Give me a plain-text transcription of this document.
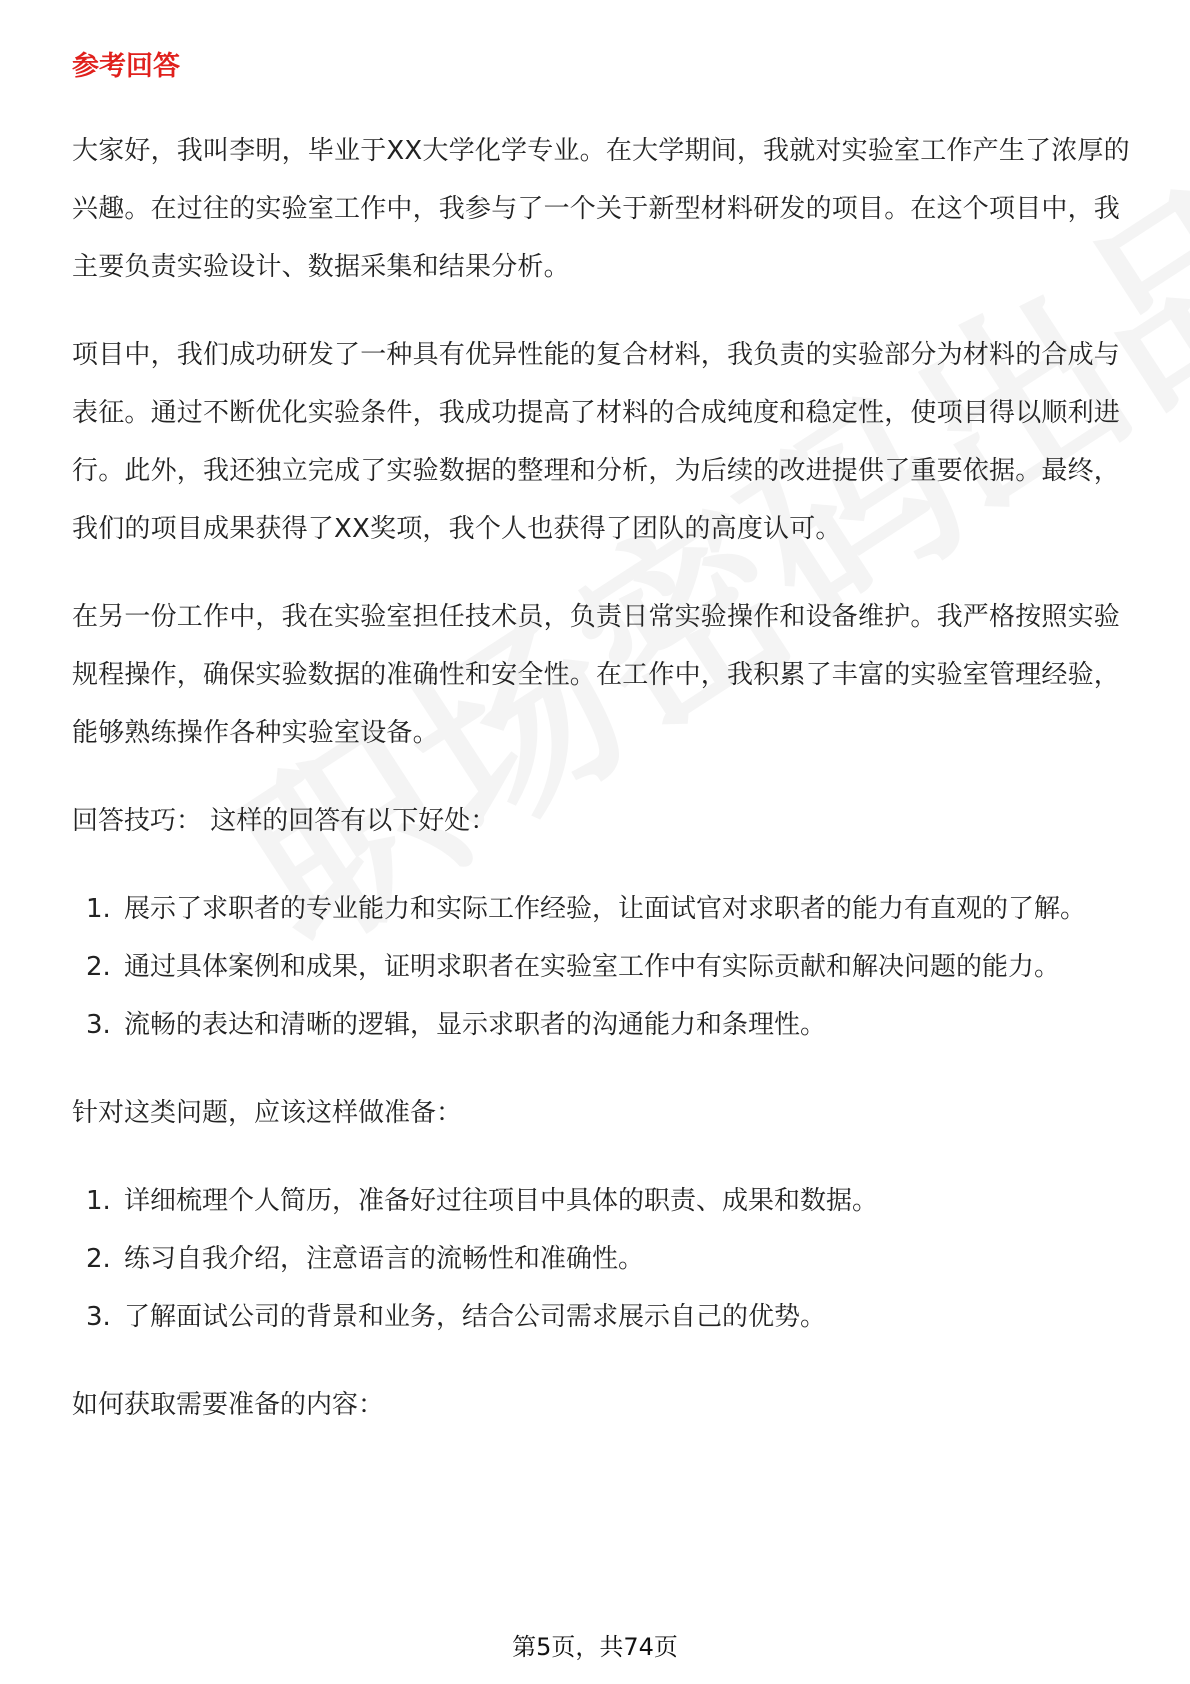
参考回答

大家好，我叫李明，毕业于XX大学化学专业。在大学期间，我就对实验室工作产生了浓厚的兴趣。在过往的实验室工作中，我参与了一个关于新型材料研发的项目。在这个项目中，我主要负责实验设计、数据采集和结果分析。

项目中，我们成功研发了一种具有优异性能的复合材料，我负责的实验部分为材料的合成与表征。通过不断优化实验条件，我成功提高了材料的合成纯度和稳定性，使项目得以顺利进行。此外，我还独立完成了实验数据的整理和分析，为后续的改进提供了重要依据。最终，我们的项目成果获得了XX奖项，我个人也获得了团队的高度认可。

在另一份工作中，我在实验室担任技术员，负责日常实验操作和设备维护。我严格按照实验规程操作，确保实验数据的准确性和安全性。在工作中，我积累了丰富的实验室管理经验，能够熟练操作各种实验室设备。

回答技巧： 这样的回答有以下好处：
1. 展示了求职者的专业能力和实际工作经验，让面试官对求职者的能力有直观的了解。
2. 通过具体案例和成果，证明求职者在实验室工作中有实际贡献和解决问题的能力。
3. 流畅的表达和清晰的逻辑，显示求职者的沟通能力和条理性。
针对这类问题，应该这样做准备：
1. 详细梳理个人简历，准备好过往项目中具体的职责、成果和数据。
2. 练习自我介绍，注意语言的流畅性和准确性。
3. 了解面试公司的背景和业务，结合公司需求展示自己的优势。
如何获取需要准备的内容：
第5页，共74页
